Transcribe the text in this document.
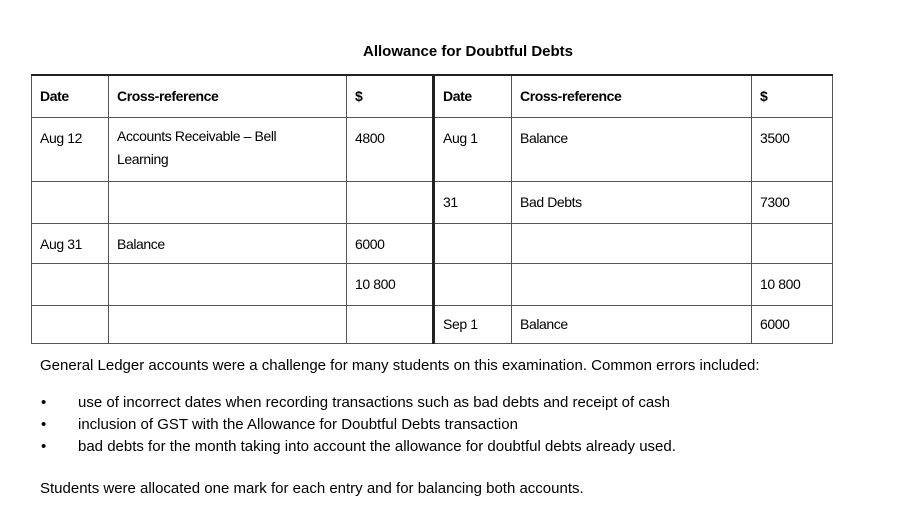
Allowance for Doubtful Debts
Date	Cross-reference	$	Date	Cross-reference	$
Aug 12	Accounts Receivable – Bell Learning	4800	Aug 1	Balance	3500
			31	Bad Debts	7300
Aug 31	Balance	6000			
		10 800			10 800
			Sep 1	Balance	6000
General Ledger accounts were a challenge for many students on this examination. Common errors included:
• use of incorrect dates when recording transactions such as bad debts and receipt of cash
• inclusion of GST with the Allowance for Doubtful Debts transaction
• bad debts for the month taking into account the allowance for doubtful debts already used.
Students were allocated one mark for each entry and for balancing both accounts.
